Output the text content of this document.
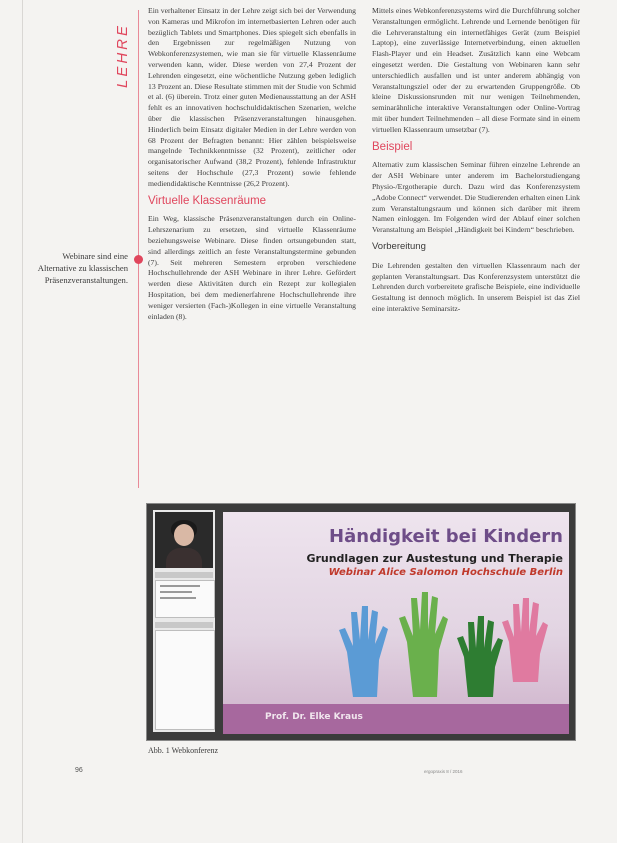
LEHRE
Webinare sind eine Alternative zu klassischen Präsenzveranstaltungen.

Ein verhaltener Einsatz in der Lehre zeigt sich bei der Verwendung von Kameras und Mikrofon im internetbasierten Lehren oder auch bezüglich Tablets und Smartphones. Dies spiegelt sich ebenfalls in den Ergebnissen zur regelmäßigen Nutzung von Webkonferenzsystemen, wie man sie für virtuelle Klassenräume verwenden kann, wider. Diese werden von 27,4 Prozent der Lehrenden eingesetzt, eine wöchentliche Nutzung geben lediglich 13 Prozent an. Diese Resultate stimmen mit der Studie von Schmid et al. (6) überein. Trotz einer guten Medienausstattung an der ASH fehlt es an innovativen hochschuldidaktischen Szenarien, welche über die klassischen Präsenzveranstaltungen hinausgehen. Hinderlich beim Einsatz digitaler Medien in der Lehre werden von 68 Prozent der Befragten benannt: Hier zählen beispielsweise mangelnde Technikkenntnisse (32 Prozent), zeitlicher oder organisatorischer Aufwand (38,2 Prozent), fehlende Infrastruktur seitens der Hochschule (27,3 Prozent) sowie fehlende mediendidaktische Kenntnisse (26,2 Prozent).

Virtuelle Klassenräume

Ein Weg, klassische Präsenzveranstaltungen durch ein Online-Lehrszenarium zu ersetzen, sind virtuelle Klassenräume beziehungsweise Webinare. Diese finden ortsungebunden statt, sind allerdings zeitlich an feste Veranstaltungstermine gebunden (7). Seit mehreren Semestern erproben verschiedene Hochschullehrende der ASH Webinare in ihrer Lehre. Gefördert werden diese Aktivitäten durch ein Rezept zur kollegialen Hospitation, bei dem medienerfahrene Hochschullehrende ihre weniger versierten (Fach-)Kollegen in eine virtuelle Veranstaltung einladen (8).

Mittels eines Webkonferenzsystems wird die Durchführung solcher Veranstaltungen ermöglicht. Lehrende und Lernende benötigen für die Lehrveranstaltung ein internetfähiges Gerät (zum Beispiel Laptop), eine zuverlässige Internetverbindung, einen aktuellen Flash-Player und ein Headset. Zusätzlich kann eine Webcam eingesetzt werden. Die Gestaltung von Webinaren kann sehr unterschiedlich ausfallen und ist unter anderem abhängig von Veranstaltungsziel oder der zu erwartenden Gruppengröße. Ob kleine Diskussionsrunden mit nur wenigen Teilnehmenden, seminarähnliche interaktive Veranstaltungen oder Online-Vortrag mit über hundert Teilnehmenden – all diese Formate sind in einem virtuellen Klassenraum umsetzbar (7).

Beispiel

Alternativ zum klassischen Seminar führen einzelne Lehrende an der ASH Webinare unter anderem im Bachelorstudiengang Physio-/Ergotherapie durch. Dazu wird das Konferenzsystem „Adobe Connect“ verwendet. Die Studierenden erhalten einen Link zum Veranstaltungsraum und können sich darüber mit ihrem Namen einloggen. Im Folgenden wird der Ablauf einer solchen Veranstaltung am Beispiel „Händigkeit bei Kindern“ beschrieben.

Vorbereitung

Die Lehrenden gestalten den virtuellen Klassenraum nach der geplanten Veranstaltungsart. Das Konferenzsystem unterstützt die Lehrenden durch vorbereitete grafische Beispiele, eine individuelle Gestaltung ist dennoch möglich. In unserem Beispiel ist das Ziel eine interaktive Seminarsitz-

Händigkeit bei Kindern
Grundlagen zur Austestung und Therapie
Webinar Alice Salomon Hochschule Berlin
Prof. Dr. Elke Kraus
Abb. 1 Webkonferenz
96	ergopraxis 8 / 2016
